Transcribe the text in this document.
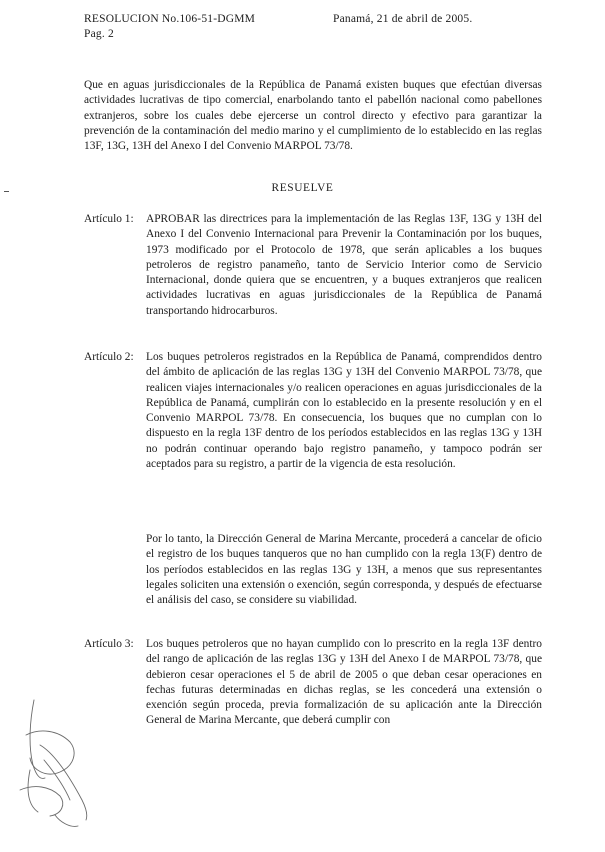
RESOLUCION No.106-51-DGMM	Panamá, 21 de abril de 2005.
Pag. 2
Que en aguas jurisdiccionales de la República de Panamá existen buques que efectúan diversas actividades lucrativas de tipo comercial, enarbolando tanto el pabellón nacional como pabellones extranjeros, sobre los cuales debe ejercerse un control directo y efectivo para garantizar la prevención de la contaminación del medio marino y el cumplimiento de lo establecido en las reglas 13F, 13G, 13H del Anexo I del Convenio MARPOL 73/78.
RESUELVE
Artículo 1: APROBAR las directrices para la implementación de las Reglas 13F, 13G y 13H del Anexo I del Convenio Internacional para Prevenir la Contaminación por los buques, 1973 modificado por el Protocolo de 1978, que serán aplicables a los buques petroleros de registro panameño, tanto de Servicio Interior como de Servicio Internacional, donde quiera que se encuentren, y a buques extranjeros que realicen actividades lucrativas en aguas jurisdiccionales de la República de Panamá transportando hidrocarburos.
Artículo 2: Los buques petroleros registrados en la República de Panamá, comprendidos dentro del ámbito de aplicación de las reglas 13G y 13H del Convenio MARPOL 73/78, que realicen viajes internacionales y/o realicen operaciones en aguas jurisdiccionales de la República de Panamá, cumplirán con lo establecido en la presente resolución y en el Convenio MARPOL 73/78. En consecuencia, los buques que no cumplan con lo dispuesto en la regla 13F dentro de los períodos establecidos en las reglas 13G y 13H no podrán continuar operando bajo registro panameño, y tampoco podrán ser aceptados para su registro, a partir de la vigencia de esta resolución.
Por lo tanto, la Dirección General de Marina Mercante, procederá a cancelar de oficio el registro de los buques tanqueros que no han cumplido con la regla 13(F) dentro de los períodos establecidos en las reglas 13G y 13H, a menos que sus representantes legales soliciten una extensión o exención, según corresponda, y después de efectuarse el análisis del caso, se considere su viabilidad.
Artículo 3: Los buques petroleros que no hayan cumplido con lo prescrito en la regla 13F dentro del rango de aplicación de las reglas 13G y 13H del Anexo I de MARPOL 73/78, que debieron cesar operaciones el 5 de abril de 2005 o que deban cesar operaciones en fechas futuras determinadas en dichas reglas, se les concederá una extensión o exención según proceda, previa formalización de su aplicación ante la Dirección General de Marina Mercante, que deberá cumplir con
